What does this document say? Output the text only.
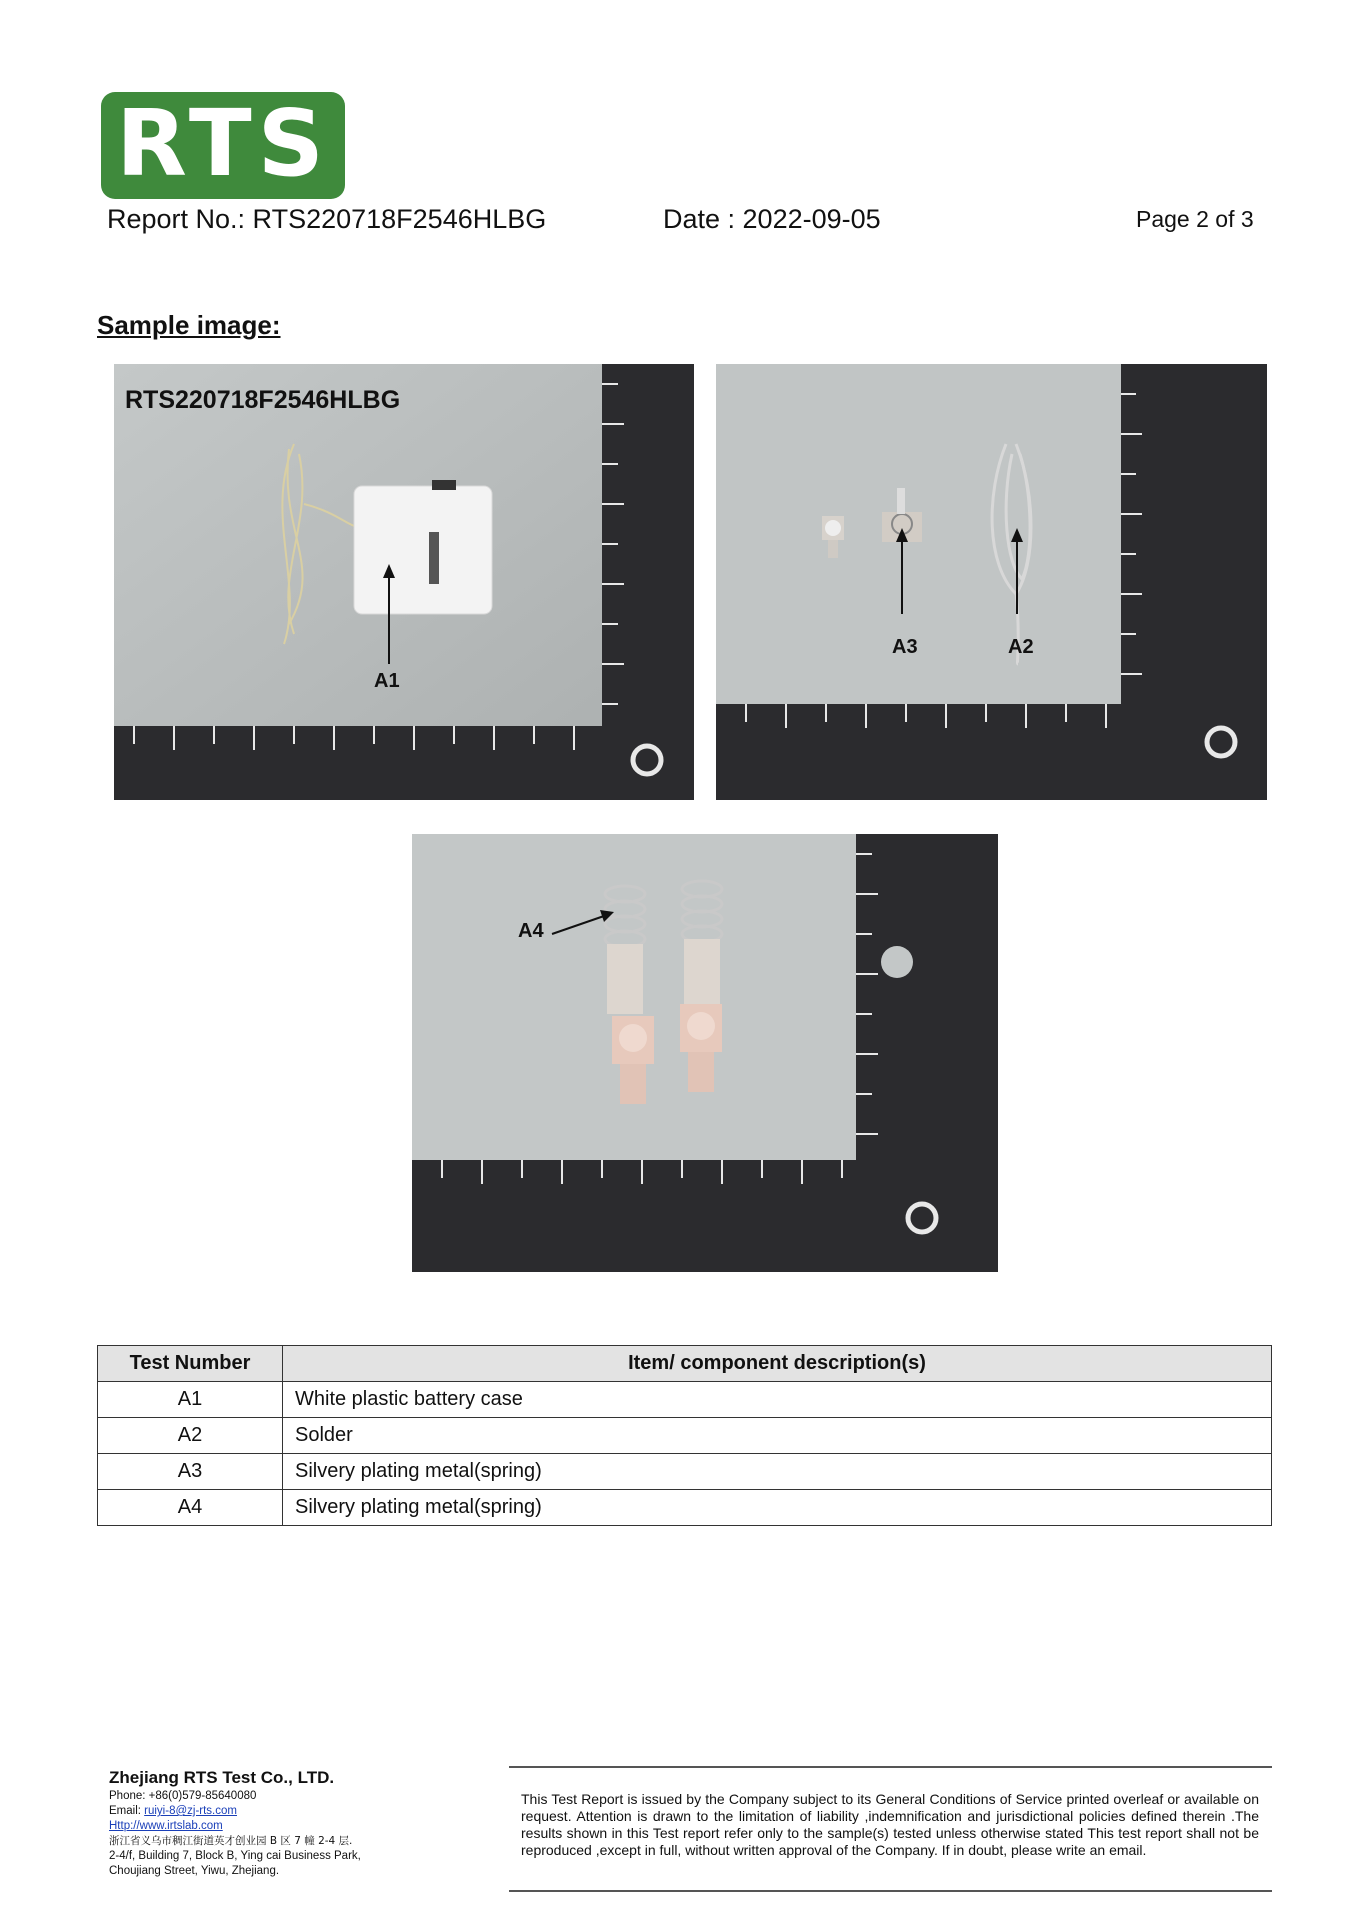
RTS
Report No.: RTS220718F2546HLBG	Date : 2022-09-05	Page 2 of 3
Sample image:
RTS220718F2546HLBG
A1
A3	A2
A4
Test Number	Item/ component description(s)
A1	White plastic battery case
A2	Solder
A3	Silvery plating metal(spring)
A4	Silvery plating metal(spring)
Zhejiang RTS Test Co., LTD.
Phone: +86(0)579-85640080
Email: ruiyi-8@zj-rts.com
Http://www.irtslab.com
浙江省义乌市稠江街道英才创业园 B 区 7 幢 2-4 层.
2-4/f, Building 7, Block B, Ying cai Business Park,
Choujiang Street, Yiwu, Zhejiang.
This Test Report is issued by the Company subject to its General Conditions of Service printed overleaf or available on request. Attention is drawn to the limitation of liability ,indemnification and jurisdictional policies defined therein .The results shown in this Test report refer only to the sample(s) tested unless otherwise stated This test report shall not be reproduced ,except in full, without written approval of the Company. If in doubt, please write an email.
